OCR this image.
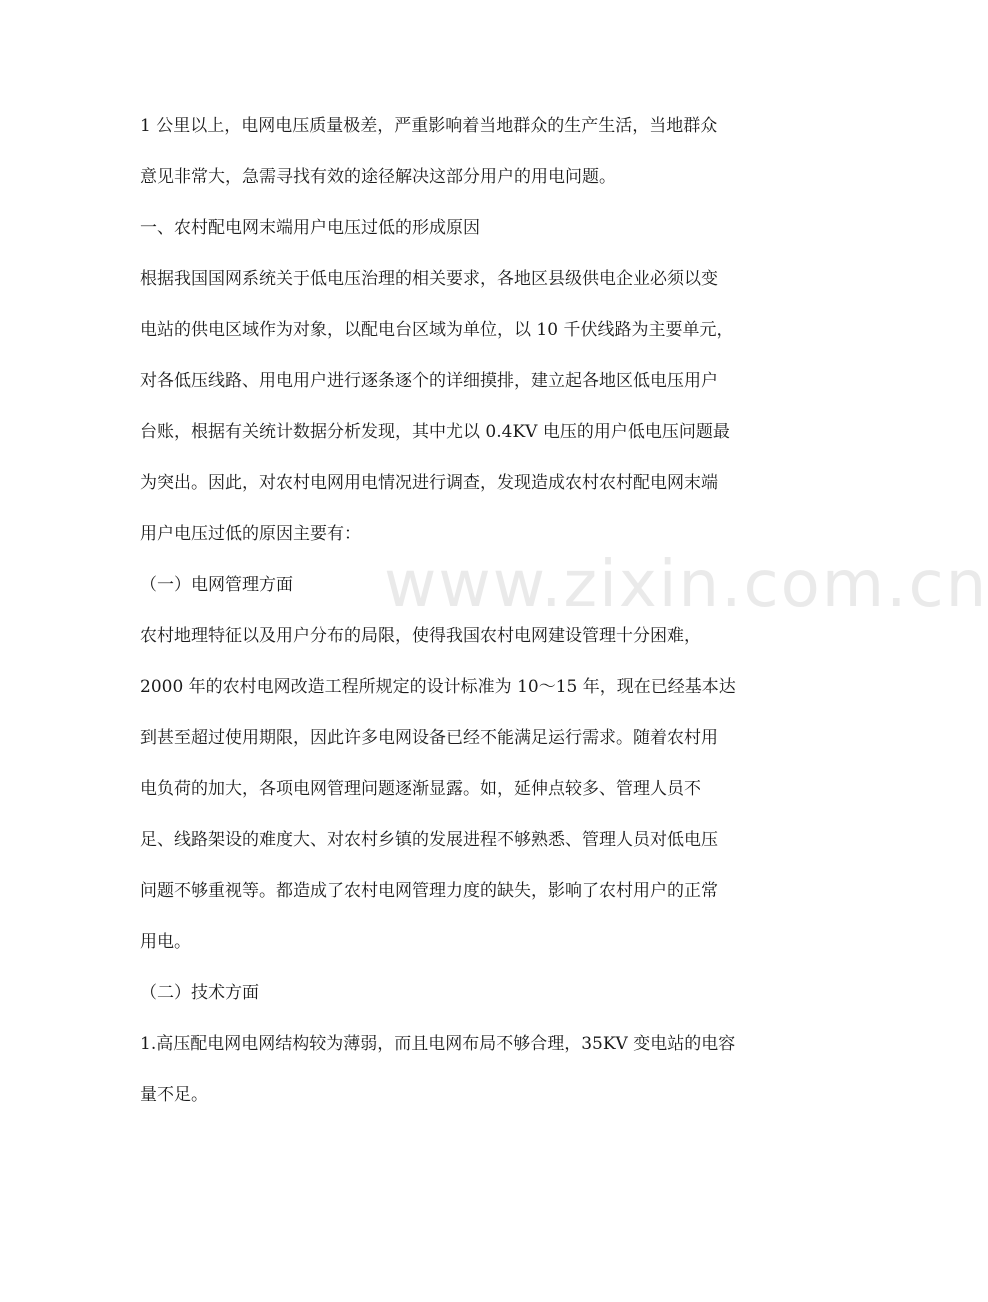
www.zixin.com.cn
1 公里以上，电网电压质量极差，严重影响着当地群众的生产生活，当地群众
意见非常大，急需寻找有效的途径解决这部分用户的用电问题。
一、农村配电网末端用户电压过低的形成原因
根据我国国网系统关于低电压治理的相关要求，各地区县级供电企业必须以变
电站的供电区域作为对象，以配电台区域为单位，以 10 千伏线路为主要单元，
对各低压线路、用电用户进行逐条逐个的详细摸排，建立起各地区低电压用户
台账，根据有关统计数据分析发现，其中尤以 0.4KV 电压的用户低电压问题最
为突出。因此，对农村电网用电情况进行调查，发现造成农村农村配电网末端
用户电压过低的原因主要有：
（一）电网管理方面
农村地理特征以及用户分布的局限，使得我国农村电网建设管理十分困难，
2000 年的农村电网改造工程所规定的设计标准为 10～15 年，现在已经基本达
到甚至超过使用期限，因此许多电网设备已经不能满足运行需求。随着农村用
电负荷的加大，各项电网管理问题逐渐显露。如，延伸点较多、管理人员不
足、线路架设的难度大、对农村乡镇的发展进程不够熟悉、管理人员对低电压
问题不够重视等。都造成了农村电网管理力度的缺失，影响了农村用户的正常
用电。
（二）技术方面
1.高压配电网电网结构较为薄弱，而且电网布局不够合理，35KV 变电站的电容
量不足。
